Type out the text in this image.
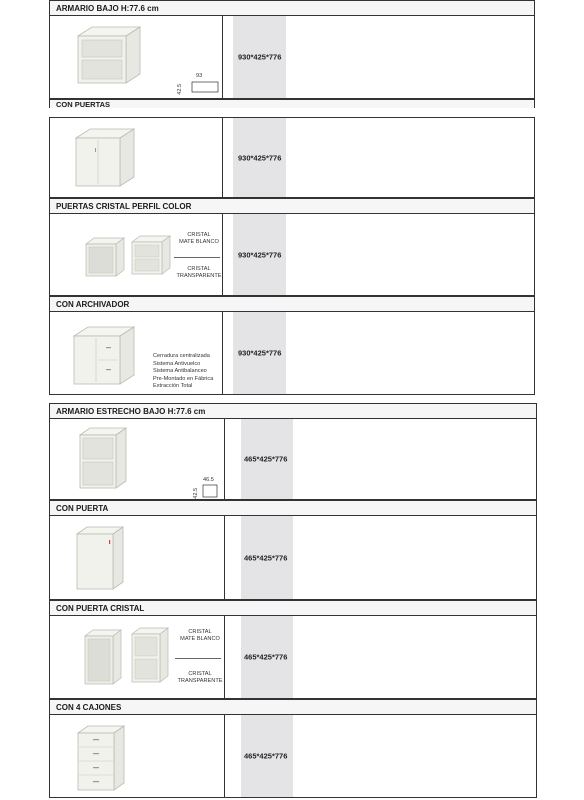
ARMARIO BAJO H:77.6 cm
93
42.5
930*425*776
CON PUERTAS
930*425*776
PUERTAS CRISTAL PERFIL COLOR
CRISTAL
MATE BLANCO
CRISTAL
TRANSPARENTE
930*425*776
CON ARCHIVADOR
Cerradura centralizada
Sistema Antivuelco
Sistema Antibalanceo
Pre-Montado en Fábrica
Extracción Total
930*425*776
ARMARIO ESTRECHO BAJO H:77.6 cm
46.5
42.5
465*425*776
CON PUERTA
465*425*776
CON PUERTA CRISTAL
CRISTAL
MATE BLANCO
CRISTAL
TRANSPARENTE
465*425*776
CON 4 CAJONES
465*425*776
